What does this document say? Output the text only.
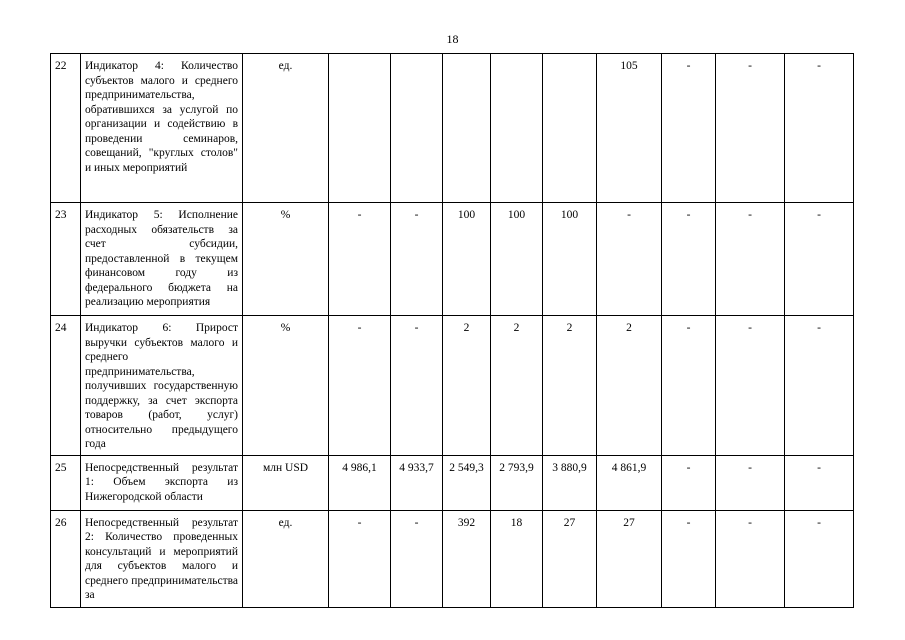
18
22	Индикатор 4: Количество субъектов малого и среднего предпринимательства, обратившихся за услугой по организации и содействию в проведении семинаров, совещаний, "круглых столов" и иных мероприятий	ед.						105	-	-	-
23	Индикатор 5: Исполнение расходных обязательств за счет субсидии, предоставленной в текущем финансовом году из федерального бюджета на реализацию мероприятия	%	-	-	100	100	100	-	-	-	-
24	Индикатор 6: Прирост выручки субъектов малого и среднего предпринимательства, получивших государственную поддержку, за счет экспорта товаров (работ, услуг) относительно предыдущего года	%	-	-	2	2	2	2	-	-	-
25	Непосредственный результат 1: Объем экспорта из Нижегородской области	млн USD	4 986,1	4 933,7	2 549,3	2 793,9	3 880,9	4 861,9	-	-	-
26	Непосредственный результат 2: Количество проведенных консультаций и мероприятий для субъектов малого и среднего предпринимательства за	ед.	-	-	392	18	27	27	-	-	-
